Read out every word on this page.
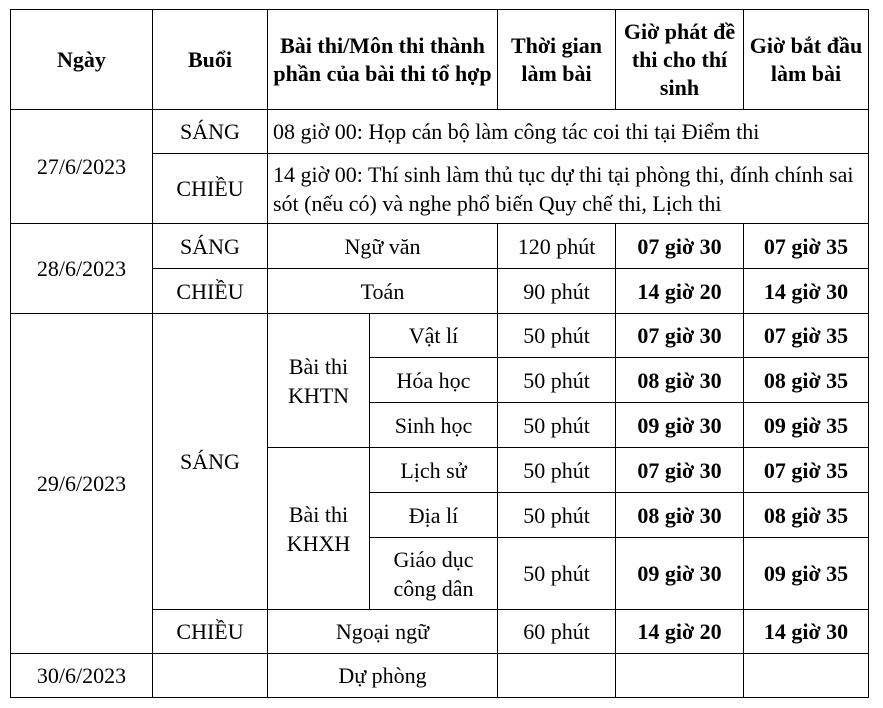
Ngày	Buổi	Bài thi/Môn thi thành phần của bài thi tổ hợp		Thời gian làm bài	Giờ phát đề thi cho thí sinh	Giờ bắt đầu làm bài
27/6/2023	SÁNG	08 giờ 00: Họp cán bộ làm công tác coi thi tại Điểm thi				
	CHIỀU	14 giờ 00: Thí sinh làm thủ tục dự thi tại phòng thi, đính chính sai sót (nếu có) và nghe phổ biến Quy chế thi, Lịch thi				
28/6/2023	SÁNG	Ngữ văn		120 phút	07 giờ 30	07 giờ 35
	CHIỀU	Toán		90 phút	14 giờ 20	14 giờ 30
29/6/2023	SÁNG	Bài thi KHTN	Vật lí	50 phút	07 giờ 30	07 giờ 35
			Hóa học	50 phút	08 giờ 30	08 giờ 35
			Sinh học	50 phút	09 giờ 30	09 giờ 35
		Bài thi KHXH	Lịch sử	50 phút	07 giờ 30	07 giờ 35
			Địa lí	50 phút	08 giờ 30	08 giờ 35
			Giáo dục công dân	50 phút	09 giờ 30	09 giờ 35
	CHIỀU	Ngoại ngữ		60 phút	14 giờ 20	14 giờ 30
30/6/2023		Dự phòng				
